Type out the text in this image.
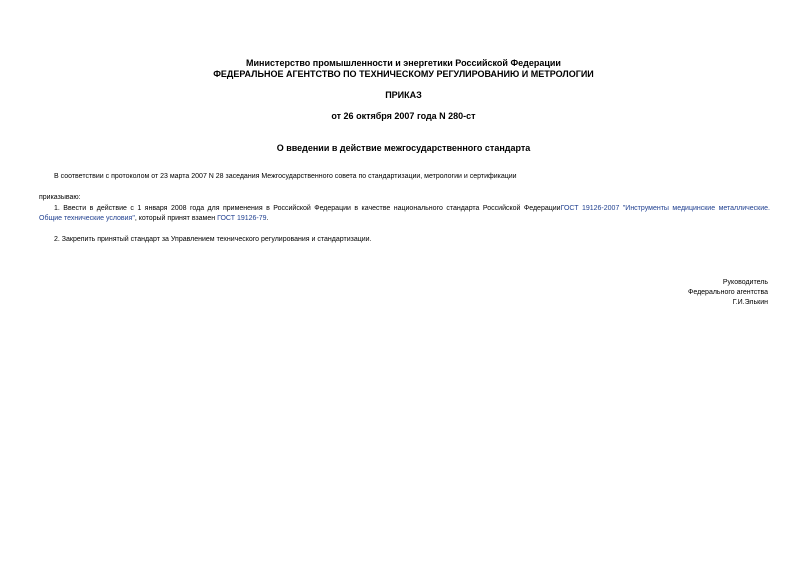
Министерство промышленности и энергетики Российской Федерации
ФЕДЕРАЛЬНОЕ АГЕНТСТВО ПО ТЕХНИЧЕСКОМУ РЕГУЛИРОВАНИЮ И МЕТРОЛОГИИ
ПРИКАЗ
от 26 октября 2007 года N 280-ст
О введении в действие межгосударственного стандарта
В соответствии с протоколом от 23 марта 2007 N 28 заседания Межгосударственного совета по стандартизации, метрологии и сертификации
приказываю:
1. Ввести в действие с 1 января 2008 года для применения в Российской Федерации в качестве национального стандарта Российской ФедерацииГОСТ 19126-2007 "Инструменты медицинские металлические.
Общие технические условия", который принят взамен ГОСТ 19126-79.
2. Закрепить принятый стандарт за Управлением технического регулирования и стандартизации.
Руководитель
Федерального агентства
Г.И.Элькин
